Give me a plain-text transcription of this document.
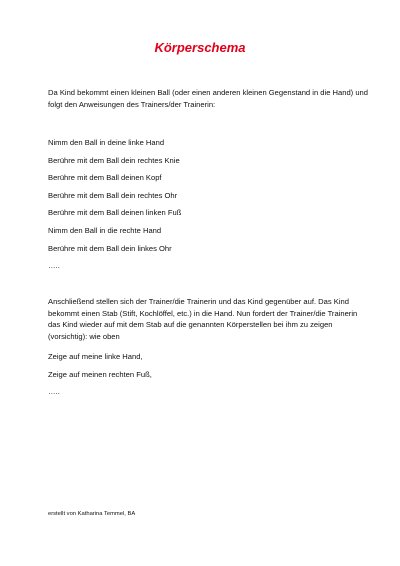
Körperschema
Da Kind bekommt einen kleinen Ball (oder einen anderen kleinen Gegenstand in die Hand) und folgt den Anweisungen des Trainers/der Trainerin:
Nimm den Ball in deine linke Hand
Berühre mit dem Ball dein rechtes Knie
Berühre mit dem Ball deinen Kopf
Berühre mit dem Ball dein rechtes Ohr
Berühre mit dem Ball deinen linken Fuß
Nimm den Ball in die rechte Hand
Berühre mit dem Ball dein linkes Ohr
…..
Anschließend stellen sich der Trainer/die Trainerin und das Kind gegenüber auf. Das Kind bekommt einen Stab (Stift, Kochlöffel, etc.) in die Hand. Nun fordert der Trainer/die Trainerin das Kind wieder auf mit dem Stab auf die genannten Körperstellen bei ihm zu zeigen (vorsichtig): wie oben
Zeige auf meine linke Hand,
Zeige auf meinen rechten Fuß,
…..
erstellt von Katharina Temmel, BA
